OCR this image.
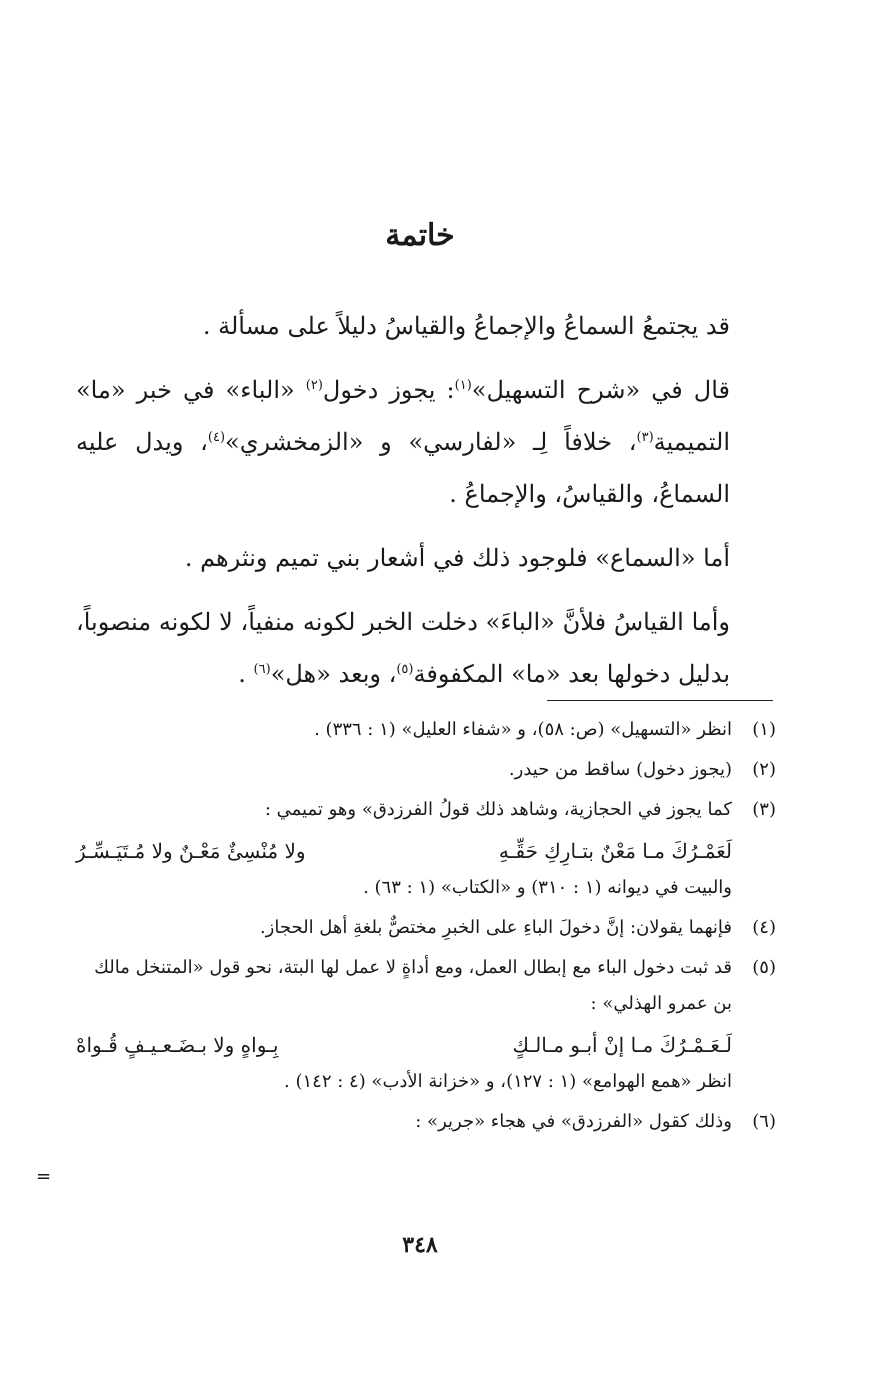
خاتمة

قد يجتمعُ السماعُ والإجماعُ والقياسُ دليلاً على مسألة .

قال في «شرح التسهيل»$^{(١)}$: يجوز دخول$^{(٢)}$ «الباء» في خبر «ما» التميمية$^{(٣)}$، خلافاً لِـ «لفارسي» و «الزمخشري»$^{(٤)}$، ويدل عليه السماعُ، والقياسُ، والإجماعُ .

أما «السماع» فلوجود ذلك في أشعار بني تميم ونثرهم .

وأما القياسُ فلأنَّ «الباءَ» دخلت الخبر لكونه منفياً، لا لكونه منصوباً، بدليل دخولها بعد «ما» المكفوفة$^{(٥)}$، وبعد «هل»$^{(٦)}$ .

(١)
انظر «التسهيل» (ص: ٥٨)، و «شفاء العليل» (١ : ٣٣٦) .
(٢)
(يجوز دخول) ساقط من حيدر.
(٣)
كما يجوز في الحجازية، وشاهد ذلك قولُ الفرزدق» وهو تميمي :
لَعَمْـرُكَ مـا مَعْنٌ بتـارِكِ حَقِّـهِ
ولا مُنْسِئٌ مَعْـنٌ ولا مُـتَيَـسِّـرُ
والبيت في ديوانه (١ : ٣١٠) و «الكتاب» (١ : ٦٣) .
(٤)
فإنهما يقولان: إنَّ دخولَ الباءِ على الخبرِ مختصٌّ بلغةِ أهل الحجاز.
(٥)
قد ثبت دخول الباء مع إبطال العمل، ومع أداةٍ لا عمل لها البتة، نحو قول «المتنخل مالك بن عمرو الهذلي» :
لَـعَـمْـرُكَ مـا إنْ أبـو مـالـكٍ
بِـواهٍ ولا بـضَـعـيـفٍ قُـواهْ
انظر «همع الهوامع» (١ : ١٢٧)، و «خزانة الأدب» (٤ : ١٤٢) .
(٦)
وذلك كقول «الفرزدق» في هجاء «جرير» :
=

٣٤٨
